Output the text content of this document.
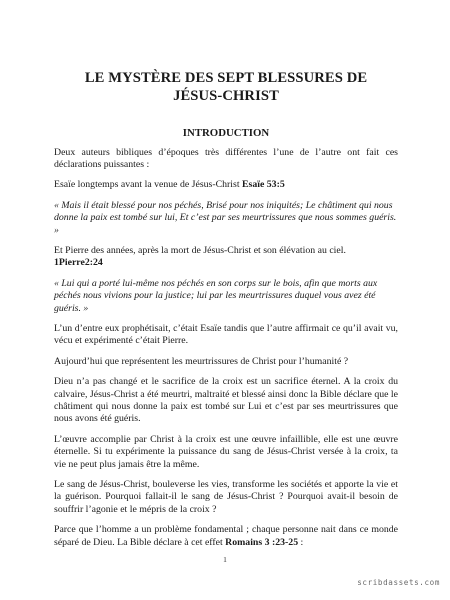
LE MYSTÈRE DES SEPT BLESSURES DE
JÉSUS-CHRIST
INTRODUCTION

Deux auteurs bibliques d’époques très différentes l’une de l’autre ont fait ces déclarations puissantes :

Esaïe longtemps avant la venue de Jésus-Christ Esaïe 53:5

« Mais il était blessé pour nos péchés, Brisé pour nos iniquités; Le châtiment qui nous donne la paix est tombé sur lui, Et c’est par ses meurtrissures que nous sommes guéris. »

Et Pierre des années, après la mort de Jésus-Christ et son élévation au ciel.
1Pierre2:24

« Lui qui a porté lui-même nos péchés en son corps sur le bois, afin que morts aux péchés nous vivions pour la justice; lui par les meurtrissures duquel vous avez été guéris. »

L’un d’entre eux prophétisait, c’était Esaïe tandis que l’autre affirmait ce qu’il avait vu, vécu et expérimenté c’était Pierre.

Aujourd’hui que représentent les meurtrissures de Christ pour l’humanité ?

Dieu n’a pas changé et le sacrifice de la croix est un sacrifice éternel. A la croix du calvaire, Jésus-Christ a été meurtri, maltraité et blessé ainsi donc la Bible déclare que le châtiment qui nous donne la paix est tombé sur Lui et c’est par ses meurtrissures que nous avons été guéris.

L’œuvre accomplie par Christ à la croix est une œuvre infaillible, elle est une œuvre éternelle. Si tu expérimente la puissance du sang de Jésus-Christ versée à la croix, ta vie ne peut plus jamais être la même.

Le sang de Jésus-Christ, bouleverse les vies, transforme les sociétés et apporte la vie et la guérison. Pourquoi fallait-il le sang de Jésus-Christ ? Pourquoi avait-il besoin de souffrir l’agonie et le mépris de la croix ?

Parce que l’homme a un problème fondamental ; chaque personne nait dans ce monde séparé de Dieu. La Bible déclare à cet effet Romains 3 :23-25 :

1
scribdassets.com
